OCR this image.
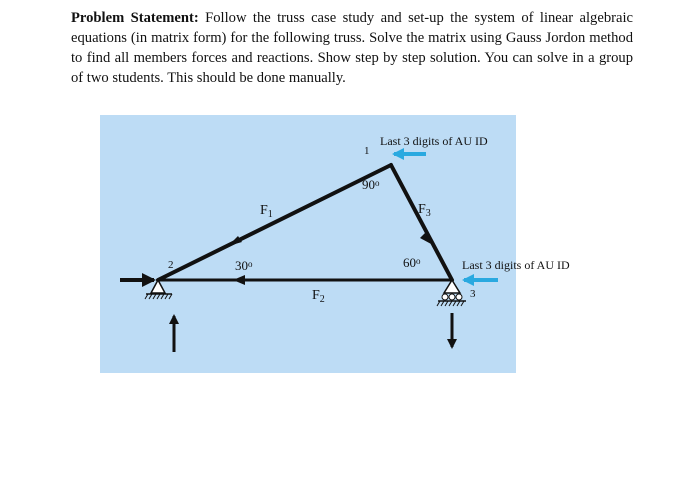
Problem Statement: Follow the truss case study and set-up the system of linear algebraic equations (in matrix form) for the following truss. Solve the matrix using Gauss Jordon method to find all members forces and reactions. Show step by step solution. You can solve in a group of two students. This should be done manually.
1
2
3
$F_1$
$F_2$
$F_3$
90$^o$
30$^o$	60$^o$
Last 3 digits of AU ID
Last 3 digits of AU ID
